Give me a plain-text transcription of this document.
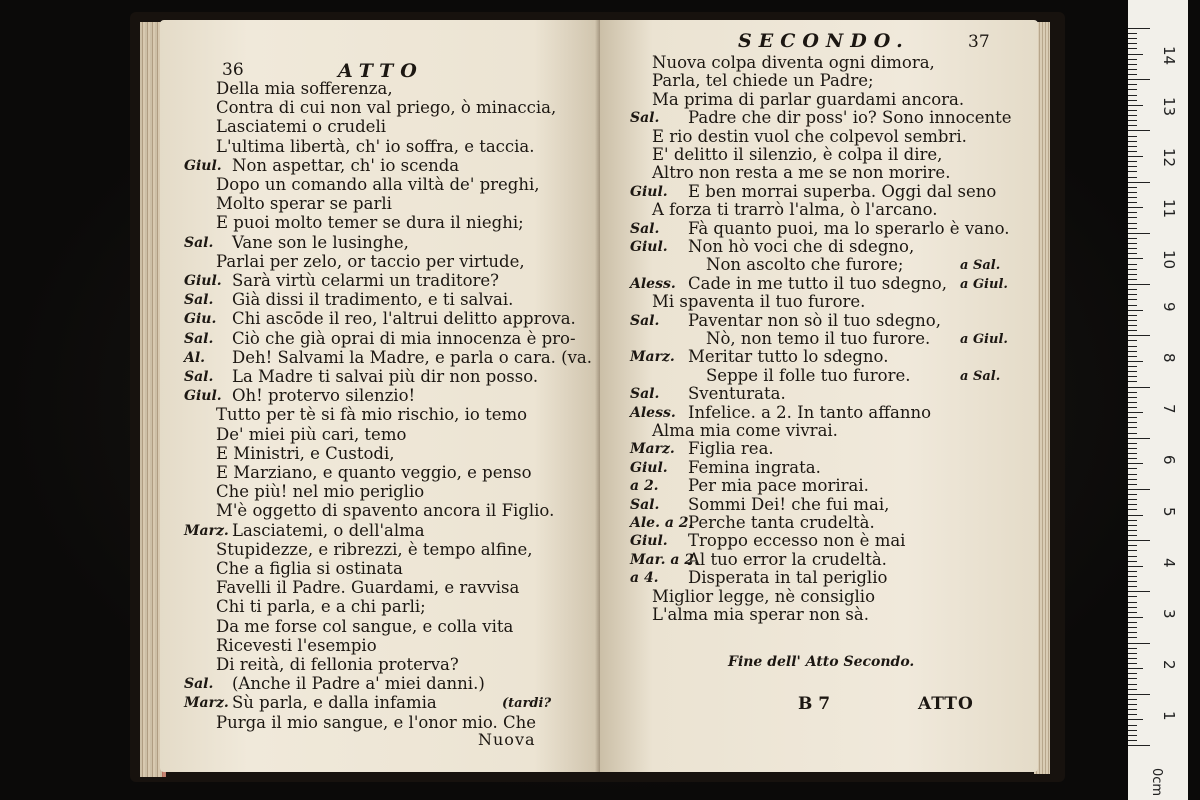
36	ATTO
Della mia sofferenza,
Contra di cui non val priego, ò minaccia,
Lasciatemi o crudeli
L'ultima libertà, ch' io soffra, e taccia.
Giul. Non aspettar, ch' io scenda
Dopo un comando alla viltà de' preghi,
Molto sperar se parli
E puoi molto temer se dura il nieghi;
Sal. Vane son le lusinghe,
Parlai per zelo, or taccio per virtude,
Giul. Sarà virtù celarmi un traditore?
Sal. Già dissi il tradimento, e ti salvai.
Giu. Chi ascōde il reo, l'altrui delitto approva.
Sal. Ciò che già oprai di mia innocenza è pro-
Al. Deh! Salvami la Madre, e parla o cara. (va.
Sal. La Madre ti salvai più dir non posso.
Giul. Oh! protervo silenzio!
Tutto per tè si fà mio rischio, io temo
De' miei più cari, temo
E Ministri, e Custodi,
E Marziano, e quanto veggio, e penso
Che più! nel mio periglio
M'è oggetto di spavento ancora il Figlio.
Marz. Lasciatemi, o dell'alma
Stupidezze, e ribrezzi, è tempo alfine,
Che a figlia si ostinata
Favelli il Padre. Guardami, e ravvisa
Chi ti parla, e a chi parli;
Da me forse col sangue, e colla vita
Ricevesti l'esempio
Di reità, di fellonia proterva?
Sal. (Anche il Padre a' miei danni.)
Marz. Sù parla, e dalla infamia	(tardi?
Purga il mio sangue, e l'onor mio. Che
Nuova
SECONDO.	37
Nuova colpa diventa ogni dimora,
Parla, tel chiede un Padre;
Ma prima di parlar guardami ancora.
Sal. Padre che dir poss' io? Sono innocente
E rio destin vuol che colpevol sembri.
E' delitto il silenzio, è colpa il dire,
Altro non resta a me se non morire.
Giul. E ben morrai superba. Oggi dal seno
A forza ti trarrò l'alma, ò l'arcano.
Sal. Fà quanto puoi, ma lo sperarlo è vano.
Giul. Non hò voci che di sdegno,
Non ascolto che furore;	a Sal.
Aless. Cade in me tutto il tuo sdegno, a Giul.
Mi spaventa il tuo furore.
Sal. Paventar non sò il tuo sdegno,
Nò, non temo il tuo furore. a Giul.
Marz. Meritar tutto lo sdegno.
Seppe il folle tuo furore.	a Sal.
Sal. Sventurata.
Aless. Infelice. a 2. In tanto affanno
Alma mia come vivrai.
Marz. Figlia rea.
Giul. Femina ingrata.
a 2. Per mia pace morirai.
Sal. Sommi Dei! che fui mai,
Ale. a 2.
Perche tanta crudeltà.
Giul. Troppo eccesso non è mai
Mar. a 2.
Al tuo error la crudeltà.
a 4. Disperata in tal periglio
Miglior legge, nè consiglio
L'alma mia sperar non sà.
Fine dell' Atto Secondo.
B 7	ATTO
0cm
14
13
12
11
10
9
8
7
6
5
4
3
2
1
